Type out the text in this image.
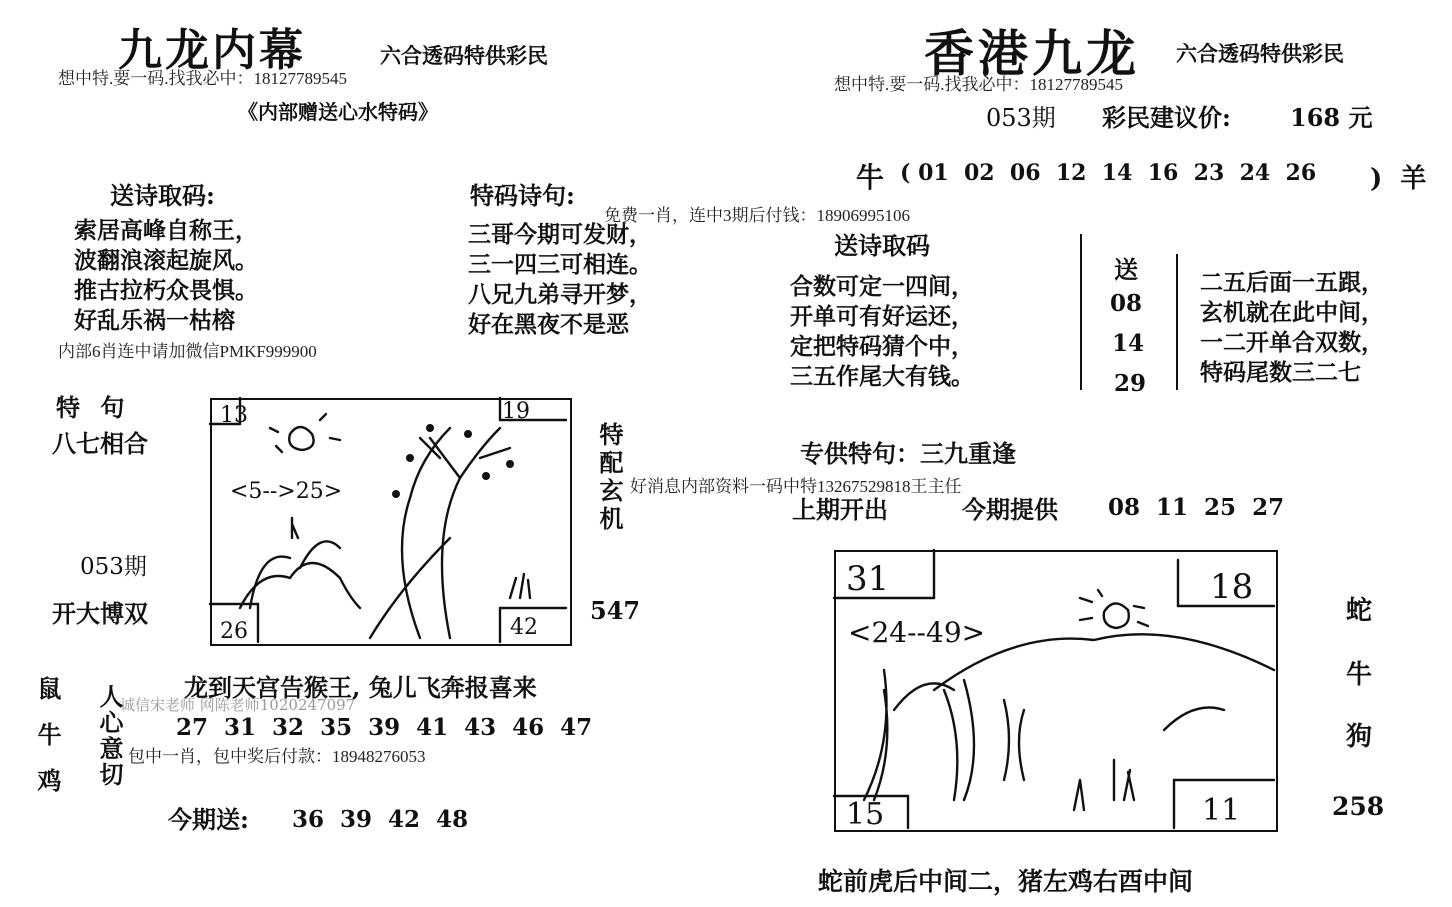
九龙内幕	六合透码特供彩民
想中特.要一码.找我必中：18127789545
《内部赠送心水特码》
送诗取码:
索居高峰自称王，
波翻浪滚起旋风。
推古拉朽众畏惧。
好乱乐祸一枯榕
特码诗句:
三哥今期可发财，
三一四三可相连。
八兄九弟寻开梦，
好在黑夜不是恶
内部6肖连中请加微信PMKF999900
特 句
八七相合
053期
开大博双
13	19
26	42
<5-->25>	特配玄机
547
龙到天宫告猴王, 兔儿飞奔报喜来
鼠牛鸡 人心意切
诚信宋老师 网陈老师1020247097
27  31  32  35  39  41  43  46  47
包中一肖，包中奖后付款：18948276053
今期送: 36  39  42  48
香港九龙 六合透码特供彩民
想中特.要一码.找我必中：18127789545
053期 彩民建议价: 168 元
牛 ( 01  02  06  12  14  16  23  24  26 )  羊
免费一肖，连中3期后付钱：18906995106
送诗取码
合数可定一四间，
开单可有好运还，
定把特码猜个中，
三五作尾大有钱。
送
08
14
29
二五后面一五跟，
玄机就在此中间，
一二开单合双数，
特码尾数三二七
专供特句：三九重逢
好消息内部资料一码中特13267529818王主任
上期开出	今期提供 08  11  25  27
31	18
15	11
<24--49>
蛇
牛
狗
258
蛇前虎后中间二，猪左鸡右酉中间
